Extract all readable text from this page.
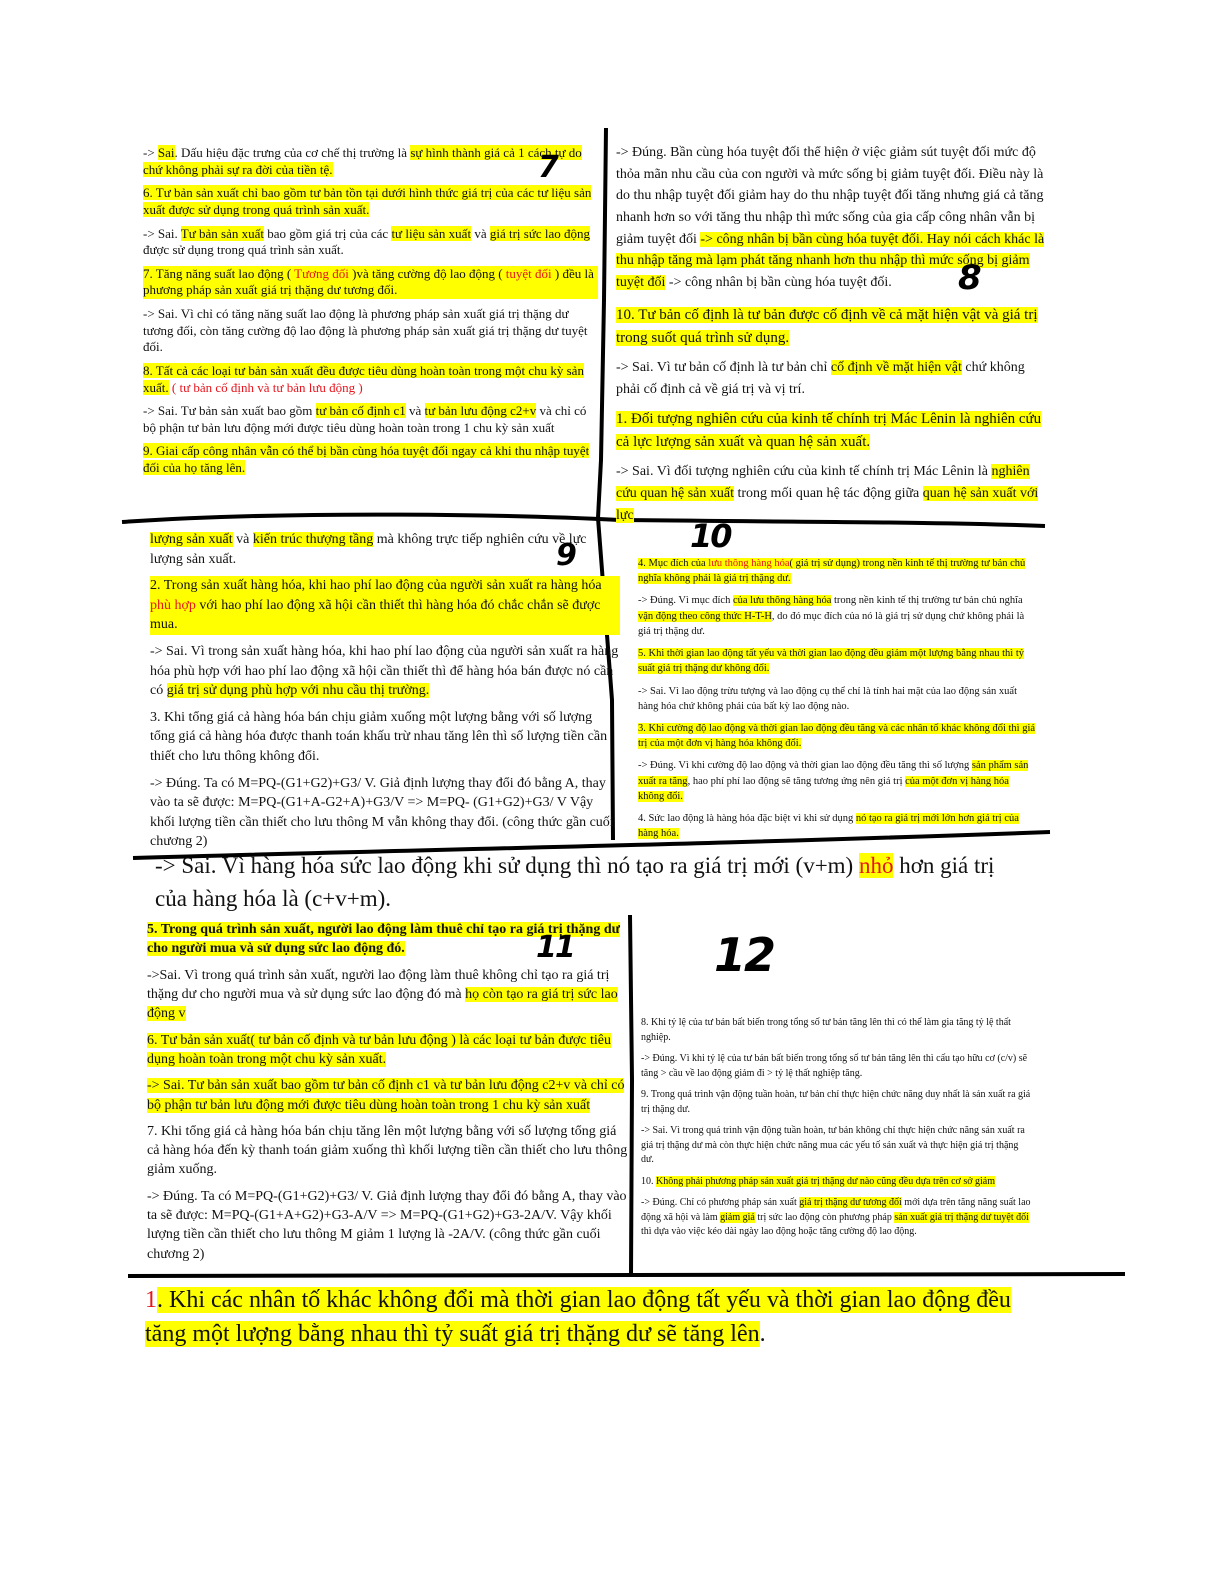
-> Sai. Dấu hiệu đặc trưng của cơ chế thị trường là sự hình thành giá cả 1 cách tự do chứ không phải sự ra đời của tiền tệ.

6. Tư bản sản xuất chỉ bao gồm tư bản tồn tại dưới hình thức giá trị của các tư liệu sản xuất được sử dụng trong quá trình sản xuất.

-> Sai. Tư bản sản xuất bao gồm giá trị của các tư liệu sản xuất và giá trị sức lao động được sử dụng trong quá trình sản xuất.

7. Tăng năng suất lao động ( Tương đối )và tăng cường độ lao động ( tuyệt đối ) đều là phương pháp sản xuất giá trị thặng dư tương đối.

-> Sai. Vì chỉ có tăng năng suất lao động là phương pháp sản xuất giá trị thặng dư tương đối, còn tăng cường độ lao động là phương pháp sản xuất giá trị thặng dư tuyệt đối.

8. Tất cả các loại tư bản sản xuất đều được tiêu dùng hoàn toàn trong một chu kỳ sản xuất. ( tư bản cố định và tư bản lưu động )

-> Sai. Tư bản sản xuất bao gồm tư bản cố định c1 và tư bản lưu động c2+v và chỉ có bộ phận tư bản lưu động mới được tiêu dùng hoàn toàn trong 1 chu kỳ sản xuất

9. Giai cấp công nhân vẫn có thể bị bần cùng hóa tuyệt đối ngay cả khi thu nhập tuyệt đối của họ tăng lên.

-> Đúng. Bần cùng hóa tuyệt đối thể hiện ở việc giảm sút tuyệt đối mức độ thỏa mãn nhu cầu của con người và mức sống bị giảm tuyệt đối. Điều này là do thu nhập tuyệt đối giảm hay do thu nhập tuyệt đối tăng nhưng giá cả tăng nhanh hơn so với tăng thu nhập thì mức sống của gia cấp công nhân vẫn bị giảm tuyệt đối -> công nhân bị bần cùng hóa tuyệt đối. Hay nói cách khác là thu nhập tăng mà lạm phát tăng nhanh hơn thu nhập thì mức sống bị giảm tuyệt đối -> công nhân bị bần cùng hóa tuyệt đối.

10. Tư bản cố định là tư bản được cố định về cả mặt hiện vật và giá trị trong suốt quá trình sử dụng.

-> Sai. Vì tư bản cố định là tư bản chỉ cố định về mặt hiện vật chứ không phải cố định cả về giá trị và vị trí.

1. Đối tượng nghiên cứu của kinh tế chính trị Mác Lênin là nghiên cứu cả lực lượng sản xuất và quan hệ sản xuất.

-> Sai. Vì đối tượng nghiên cứu của kinh tế chính trị Mác Lênin là nghiên cứu quan hệ sản xuất trong mối quan hệ tác động giữa quan hệ sản xuất với lực

lượng sản xuất và kiến trúc thượng tầng mà không trực tiếp nghiên cứu về lực lượng sản xuất.

2. Trong sản xuất hàng hóa, khi hao phí lao động của người sản xuất ra hàng hóa phù hợp với hao phí lao động xã hội cần thiết thì hàng hóa đó chắc chắn sẽ được mua.

-> Sai. Vì trong sản xuất hàng hóa, khi hao phí lao động của người sản xuất ra hàng hóa phù hợp với hao phí lao động xã hội cần thiết thì để hàng hóa bán được nó cần có giá trị sử dụng phù hợp với nhu cầu thị trường.

3. Khi tổng giá cả hàng hóa bán chịu giảm xuống một lượng bằng với số lượng tổng giá cả hàng hóa được thanh toán khấu trừ nhau tăng lên thì số lượng tiền cần thiết cho lưu thông không đổi.

-> Đúng. Ta có M=PQ-(G1+G2)+G3/ V. Giả định lượng thay đổi đó bằng A, thay vào ta sẽ được: M=PQ-(G1+A-G2+A)+G3/V => M=PQ- (G1+G2)+G3/ V Vậy khối lượng tiền cần thiết cho lưu thông M vẫn không thay đổi. (công thức gần cuối chương 2)

4. Mục đích của lưu thông hàng hóa( giá trị sử dụng) trong nền kinh tế thị trường tư bản chủ nghĩa không phải là giá trị thặng dư.

-> Đúng. Vì mục đích của lưu thông hàng hóa trong nền kinh tế thị trường tư bản chủ nghĩa vận động theo công thức H-T-H, do đó mục đích của nó là giá trị sử dụng chứ không phải là giá trị thặng dư.

5. Khi thời gian lao động tất yếu và thời gian lao động đều giảm một lượng bằng nhau thì tỷ suất giá trị thặng dư không đổi.

-> Sai. Vì lao động trừu tượng và lao động cụ thể chỉ là tính hai mặt của lao động sản xuất hàng hóa chứ không phải của bất kỳ lao động nào.

3. Khi cường độ lao động và thời gian lao động đều tăng và các nhân tố khác không đổi thì giá trị của một đơn vị hàng hóa không đổi.

-> Đúng. Vì khi cường độ lao động và thời gian lao động đều tăng thì số lượng sản phẩm sản xuất ra tăng, hao phí phí lao động sẽ tăng tương ứng nên giá trị của một đơn vị hàng hóa không đổi.

4. Sức lao động là hàng hóa đặc biệt vì khi sử dụng nó tạo ra giá trị mới lớn hơn giá trị của hàng hóa.

-> Sai. Vì hàng hóa sức lao động khi sử dụng thì nó tạo ra giá trị mới (v+m) nhỏ hơn giá trị của hàng hóa là (c+v+m).

5. Trong quá trình sản xuất, người lao động làm thuê chỉ tạo ra giá trị thặng dư cho người mua và sử dụng sức lao động đó.

->Sai. Vì trong quá trình sản xuất, người lao động làm thuê không chỉ tạo ra giá trị thặng dư cho người mua và sử dụng sức lao động đó mà họ còn tạo ra giá trị sức lao động v

6. Tư bản sản xuất( tư bản cố định và tư bản lưu động ) là các loại tư bản được tiêu dụng hoàn toàn trong một chu kỳ sản xuất.

-> Sai. Tư bản sản xuất bao gồm tư bản cố định c1 và tư bản lưu động c2+v và chỉ có bộ phận tư bản lưu động mới được tiêu dùng hoàn toàn trong 1 chu kỳ sản xuất

7. Khi tổng giá cả hàng hóa bán chịu tăng lên một lượng bằng với số lượng tổng giá cả hàng hóa đến kỳ thanh toán giảm xuống thì khối lượng tiền cần thiết cho lưu thông giảm xuống.

-> Đúng. Ta có M=PQ-(G1+G2)+G3/ V. Giả định lượng thay đổi đó bằng A, thay vào ta sẽ được: M=PQ-(G1+A+G2)+G3-A/V => M=PQ-(G1+G2)+G3-2A/V. Vậy khối lượng tiền cần thiết cho lưu thông M giảm 1 lượng là -2A/V. (công thức gần cuối chương 2)

8. Khi tỷ lệ của tư bản bất biến trong tổng số tư bản tăng lên thì có thể làm gia tăng tỷ lệ thất nghiệp.

-> Đúng. Vì khi tỷ lệ của tư bản bất biến trong tổng số tư bản tăng lên thì cấu tạo hữu cơ (c/v) sẽ tăng > cầu về lao động giảm đi > tỷ lệ thất nghiệp tăng.

9. Trong quá trình vận động tuần hoàn, tư bản chỉ thực hiện chức năng duy nhất là sản xuất ra giá trị thặng dư.

-> Sai. Vì trong quá trình vận động tuần hoàn, tư bản không chỉ thực hiện chức năng sản xuất ra giá trị thặng dư mà còn thực hiện chức năng mua các yếu tố sản xuất và thực hiện giá trị thặng dư.

10. Không phải phương pháp sản xuất giá trị thặng dư nào cũng đều dựa trên cơ sở giảm

-> Đúng. Chỉ có phương pháp sản xuất giá trị thặng dư tương đối mới dựa trên tăng năng suất lao động xã hội và làm giảm giá trị sức lao động còn phương pháp sản xuất giá trị thặng dư tuyệt đối thì dựa vào việc kéo dài ngày lao động hoặc tăng cường độ lao động.

1. Khi các nhân tố khác không đổi mà thời gian lao động tất yếu và thời gian lao động đều tăng một lượng bằng nhau thì tỷ suất giá trị thặng dư sẽ tăng lên.
7
8
9
10
11	12
